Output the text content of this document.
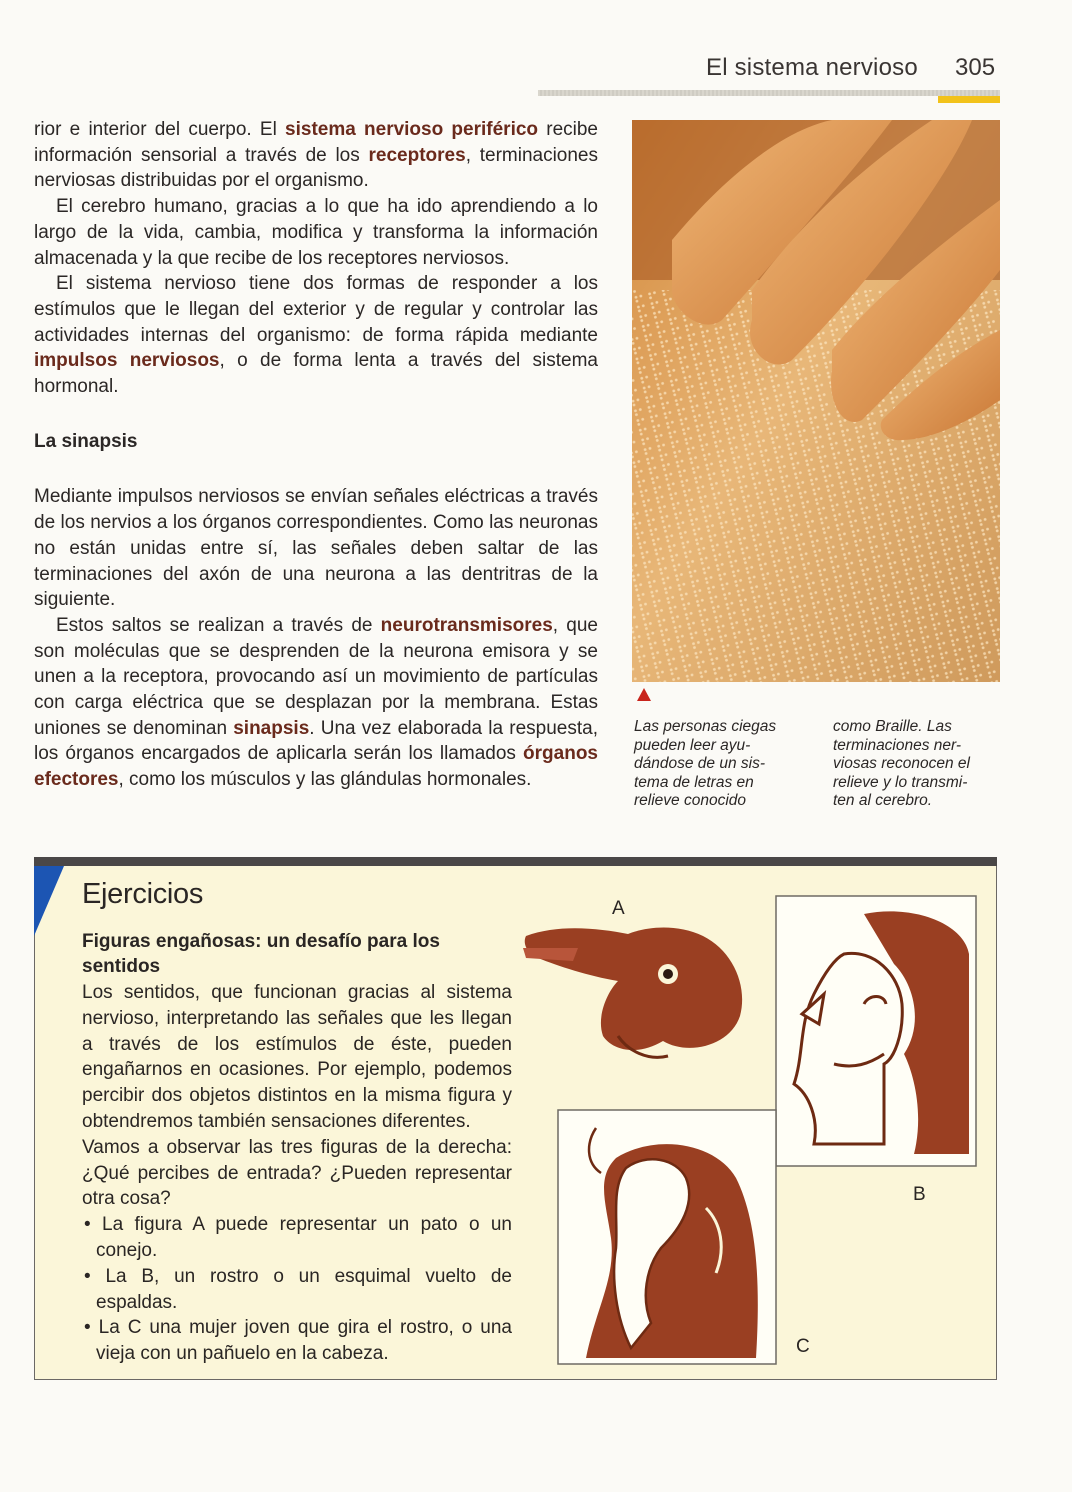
El sistema nervioso 305

rior e interior del cuerpo. El sistema nervioso periférico recibe información sensorial a través de los receptores, terminaciones nerviosas distribuidas por el organismo.

El cerebro humano, gracias a lo que ha ido aprendiendo a lo largo de la vida, cambia, modifica y transforma la información almacenada y la que recibe de los receptores nerviosos.

El sistema nervioso tiene dos formas de responder a los estímulos que le llegan del exterior y de regular y controlar las actividades internas del organismo: de forma rápida mediante impulsos nerviosos, o de forma lenta a través del sistema hormonal.

La sinapsis

Mediante impulsos nerviosos se envían señales eléctricas a través de los nervios a los órganos correspondientes. Como las neuronas no están unidas entre sí, las señales deben saltar de las terminaciones del axón de una neurona a las dentritras de la siguiente.

Estos saltos se realizan a través de neurotransmisores, que son moléculas que se desprenden de la neurona emisora y se unen a la receptora, provocando así un movimiento de partículas con carga eléctrica que se desplazan por la membrana. Estas uniones se denominan sinapsis. Una vez elaborada la respuesta, los órganos encargados de aplicarla serán los llamados órganos efectores, como los músculos y las glándulas hormonales.

Las personas ciegas
pueden leer ayu-
dándose de un sis-
tema de letras en
relieve conocido
como Braille. Las
terminaciones ner-
viosas reconocen el
relieve y lo transmi-
ten al cerebro.
Ejercicios
Figuras engañosas: un desafío para los sentidos

Los sentidos, que funcionan gracias al sistema nervioso, interpretando las señales que les llegan a través de los estímulos de éste, pueden engañarnos en ocasiones. Por ejemplo, podemos percibir dos objetos distintos en la misma figura y obtendremos también sensaciones diferentes.

Vamos a observar las tres figuras de la derecha: ¿Qué percibes de entrada? ¿Pueden representar otra cosa?

• La figura A puede representar un pato o un conejo.

• La B, un rostro o un esquimal vuelto de espaldas.

• La C una mujer joven que gira el rostro, o una vieja con un pañuelo en la cabeza.

A
B
C
